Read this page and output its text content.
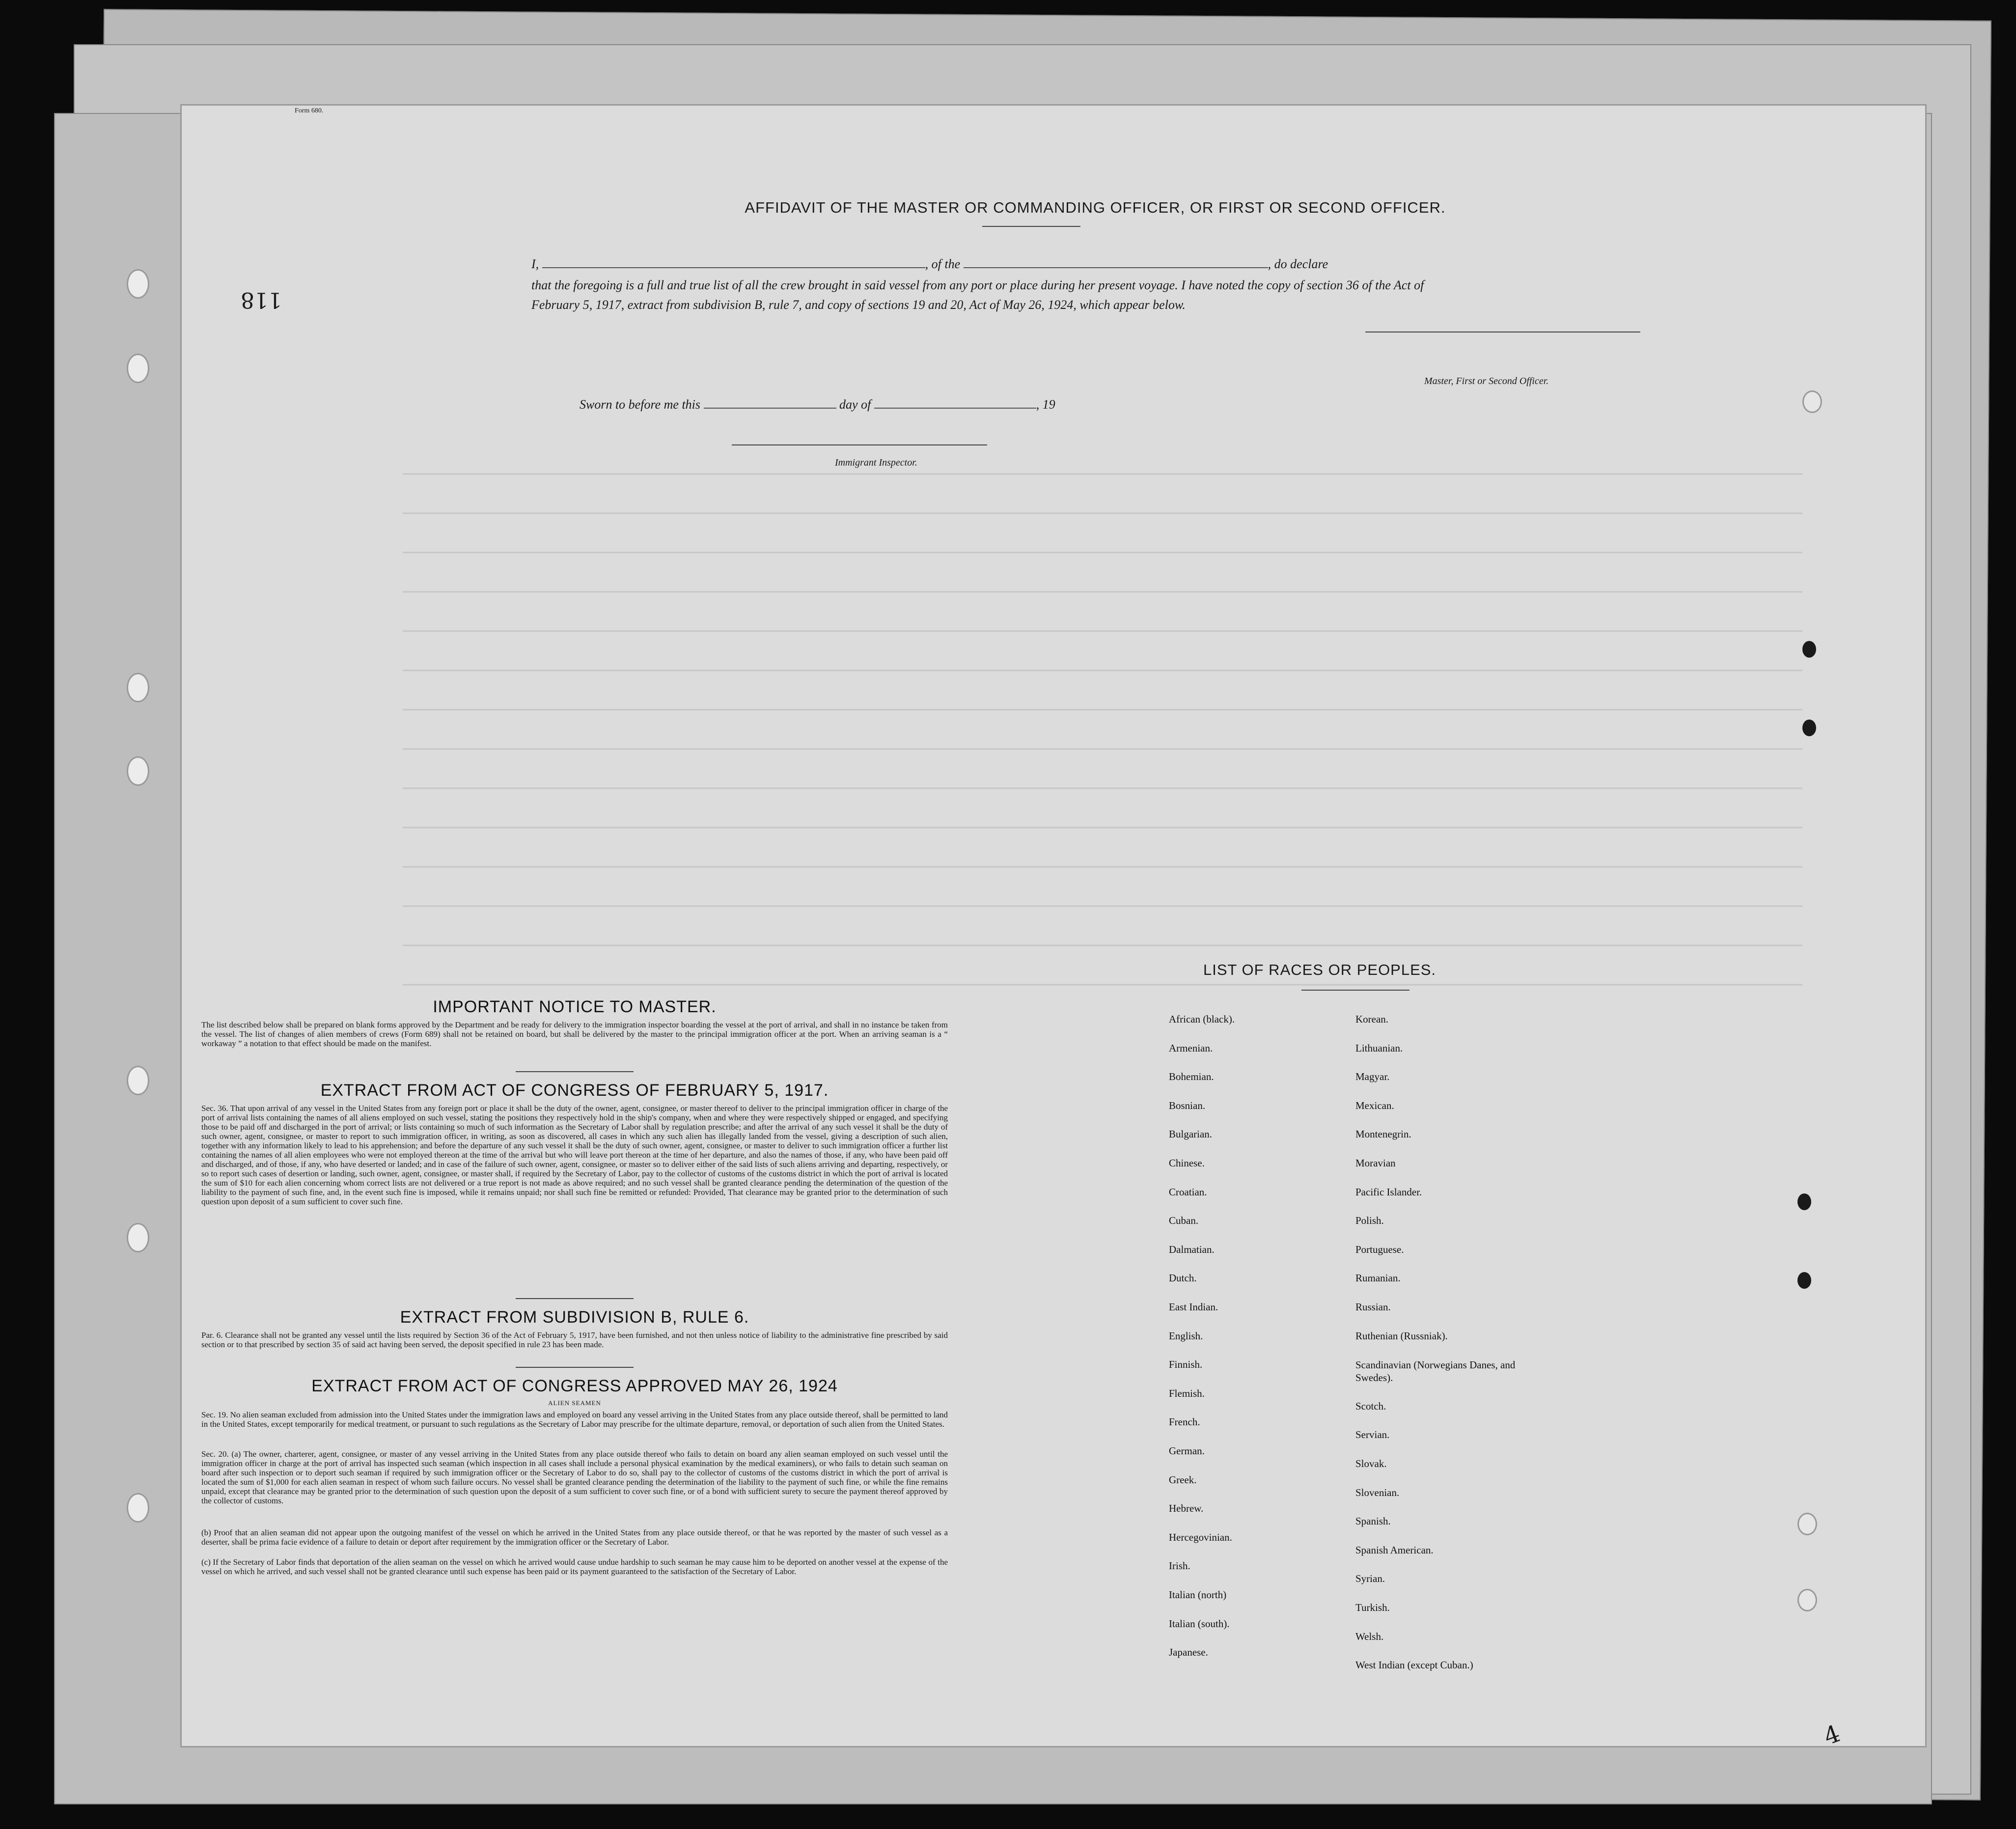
Form 680.
118
AFFIDAVIT OF THE MASTER OR COMMANDING OFFICER, OR FIRST OR SECOND OFFICER.
I,	, of the	, do declare
that the foregoing is a full and true list of all the crew brought in said vessel from any port or place during her present voyage. I have noted the copy of section 36 of the Act of February 5, 1917, extract from subdivision B, rule 7, and copy of sections 19 and 20, Act of May 26, 1924, which appear below.
Master, First or Second Officer.
Sworn to before me this	day of	, 19
Immigrant Inspector.
IMPORTANT NOTICE TO MASTER.
The list described below shall be prepared on blank forms approved by the Department and be ready for delivery to the immigration inspector boarding the vessel at the port of arrival, and shall in no instance be taken from the vessel. The list of changes of alien members of crews (Form 689) shall not be retained on board, but shall be delivered by the master to the principal immigration officer at the port. When an arriving seaman is a “ workaway ” a notation to that effect should be made on the manifest.
EXTRACT FROM ACT OF CONGRESS OF FEBRUARY 5, 1917.
Sec. 36. That upon arrival of any vessel in the United States from any foreign port or place it shall be the duty of the owner, agent, consignee, or master thereof to deliver to the principal immigration officer in charge of the port of arrival lists containing the names of all aliens employed on such vessel, stating the positions they respectively hold in the ship's company, when and where they were respectively shipped or engaged, and specifying those to be paid off and discharged in the port of arrival; or lists containing so much of such information as the Secretary of Labor shall by regulation prescribe; and after the arrival of any such vessel it shall be the duty of such owner, agent, consignee, or master to report to such immigration officer, in writing, as soon as discovered, all cases in which any such alien has illegally landed from the vessel, giving a description of such alien, together with any information likely to lead to his apprehension; and before the departure of any such vessel it shall be the duty of such owner, agent, consignee, or master to deliver to such immigration officer a further list containing the names of all alien employees who were not employed thereon at the time of the arrival but who will leave port thereon at the time of her departure, and also the names of those, if any, who have been paid off and discharged, and of those, if any, who have deserted or landed; and in case of the failure of such owner, agent, consignee, or master so to deliver either of the said lists of such aliens arriving and departing, respectively, or so to report such cases of desertion or landing, such owner, agent, consignee, or master shall, if required by the Secretary of Labor, pay to the collector of customs of the customs district in which the port of arrival is located the sum of $10 for each alien concerning whom correct lists are not delivered or a true report is not made as above required; and no such vessel shall be granted clearance pending the determination of the question of the liability to the payment of such fine, and, in the event such fine is imposed, while it remains unpaid; nor shall such fine be remitted or refunded: Provided, That clearance may be granted prior to the determination of such question upon deposit of a sum sufficient to cover such fine.
EXTRACT FROM SUBDIVISION B, RULE 6.
Par. 6. Clearance shall not be granted any vessel until the lists required by Section 36 of the Act of February 5, 1917, have been furnished, and not then unless notice of liability to the administrative fine prescribed by said section or to that prescribed by section 35 of said act having been served, the deposit specified in rule 23 has been made.
EXTRACT FROM ACT OF CONGRESS APPROVED MAY 26, 1924
ALIEN SEAMEN
Sec. 19. No alien seaman excluded from admission into the United States under the immigration laws and employed on board any vessel arriving in the United States from any place outside thereof, shall be permitted to land in the United States, except temporarily for medical treatment, or pursuant to such regulations as the Secretary of Labor may prescribe for the ultimate departure, removal, or deportation of such alien from the United States.
Sec. 20. (a) The owner, charterer, agent, consignee, or master of any vessel arriving in the United States from any place outside thereof who fails to detain on board any alien seaman employed on such vessel until the immigration officer in charge at the port of arrival has inspected such seaman (which inspection in all cases shall include a personal physical examination by the medical examiners), or who fails to detain such seaman on board after such inspection or to deport such seaman if required by such immigration officer or the Secretary of Labor to do so, shall pay to the collector of customs of the customs district in which the port of arrival is located the sum of $1,000 for each alien seaman in respect of whom such failure occurs. No vessel shall be granted clearance pending the determination of the liability to the payment of such fine, or while the fine remains unpaid, except that clearance may be granted prior to the determination of such question upon the deposit of a sum sufficient to cover such fine, or of a bond with sufficient surety to secure the payment thereof approved by the collector of customs.
(b) Proof that an alien seaman did not appear upon the outgoing manifest of the vessel on which he arrived in the United States from any place outside thereof, or that he was reported by the master of such vessel as a deserter, shall be prima facie evidence of a failure to detain or deport after requirement by the immigration officer or the Secretary of Labor.
(c) If the Secretary of Labor finds that deportation of the alien seaman on the vessel on which he arrived would cause undue hardship to such seaman he may cause him to be deported on another vessel at the expense of the vessel on which he arrived, and such vessel shall not be granted clearance until such expense has been paid or its payment guaranteed to the satisfaction of the Secretary of Labor.
LIST OF RACES OR PEOPLES.
4
African (black).
Armenian.
Bohemian.
Bosnian.
Bulgarian.
Chinese.
Croatian.
Cuban.
Dalmatian.
Dutch.
East Indian.
English.
Finnish.
Flemish.
French.
German.
Greek.
Hebrew.
Hercegovinian.
Irish.
Italian (north)
Italian (south).
Japanese.
Korean.
Lithuanian.
Magyar.
Mexican.
Montenegrin.
Moravian
Pacific Islander.
Polish.
Portuguese.
Rumanian.
Russian.
Ruthenian (Russniak).
Scandinavian (Norwegians Danes, and Swedes).
Scotch.
Servian.
Slovak.
Slovenian.
Spanish.
Spanish American.
Syrian.
Turkish.
Welsh.
West Indian (except Cuban.)
